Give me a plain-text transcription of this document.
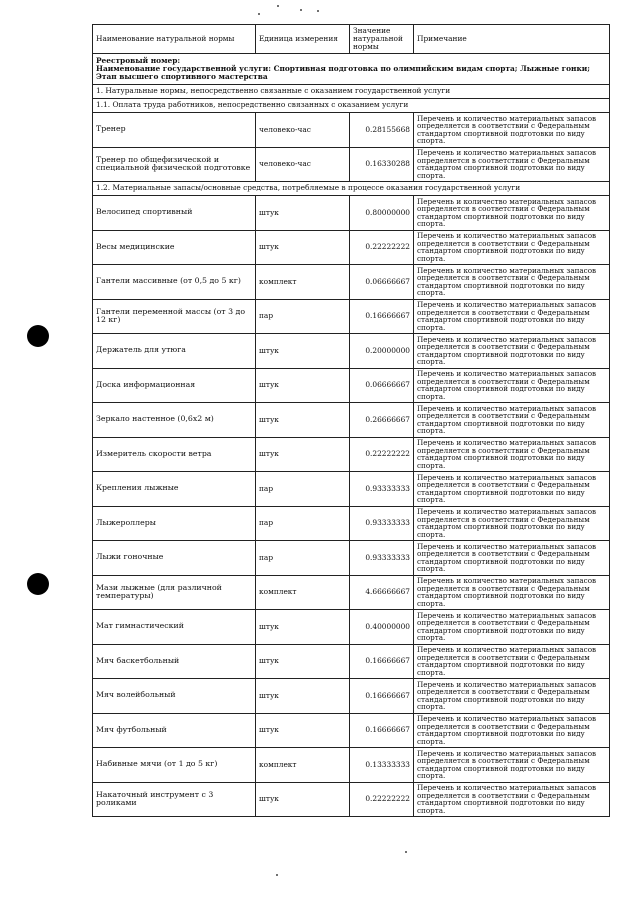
Наименование натуральной нормы	Единица измерения	Значение натуральной нормы	Примечание

Реестровый номер:
Наименование государственной услуги: Спортивная подготовка по олимпийским видам спорта; Лыжные гонки; Этап высшего спортивного мастерства			

1. Натуральные нормы, непосредственно связанные с оказанием государственной услуги			
1.1. Оплата труда работников, непосредственно связанных с оказанием услуги			
Тренер	человеко-час	0.28155668	Перечень и количество материальных запасов определяется в соответствии с Федеральным стандартом спортивной подготовки по виду спорта.
Тренер по общефизической и специальной физической подготовке	человеко-час	0.16330288	Перечень и количество материальных запасов определяется в соответствии с Федеральным стандартом спортивной подготовки по виду спорта.
1.2. Материальные запасы/основные средства, потребляемые в процессе оказания государственной услуги			
Велосипед спортивный	штук	0.80000000	Перечень и количество материальных запасов определяется в соответствии с Федеральным стандартом спортивной подготовки по виду спорта.
Весы медицинские	штук	0.22222222	Перечень и количество материальных запасов определяется в соответствии с Федеральным стандартом спортивной подготовки по виду спорта.
Гантели массивные (от 0,5 до 5 кг)	комплект	0.06666667	Перечень и количество материальных запасов определяется в соответствии с Федеральным стандартом спортивной подготовки по виду спорта.
Гантели переменной массы (от 3 до 12 кг)	пар	0.16666667	Перечень и количество материальных запасов определяется в соответствии с Федеральным стандартом спортивной подготовки по виду спорта.
Держатель для утюга	штук	0.20000000	Перечень и количество материальных запасов определяется в соответствии с Федеральным стандартом спортивной подготовки по виду спорта.
Доска информационная	штук	0.06666667	Перечень и количество материальных запасов определяется в соответствии с Федеральным стандартом спортивной подготовки по виду спорта.
Зеркало настенное (0,6х2 м)	штук	0.26666667	Перечень и количество материальных запасов определяется в соответствии с Федеральным стандартом спортивной подготовки по виду спорта.
Измеритель скорости ветра	штук	0.22222222	Перечень и количество материальных запасов определяется в соответствии с Федеральным стандартом спортивной подготовки по виду спорта.
Крепления лыжные	пар	0.93333333	Перечень и количество материальных запасов определяется в соответствии с Федеральным стандартом спортивной подготовки по виду спорта.
Лыжероллеры	пар	0.93333333	Перечень и количество материальных запасов определяется в соответствии с Федеральным стандартом спортивной подготовки по виду спорта.
Лыжи гоночные	пар	0.93333333	Перечень и количество материальных запасов определяется в соответствии с Федеральным стандартом спортивной подготовки по виду спорта.
Мази лыжные (для различной температуры)	комплект	4.66666667	Перечень и количество материальных запасов определяется в соответствии с Федеральным стандартом спортивной подготовки по виду спорта.
Мат гимнастический	штук	0.40000000	Перечень и количество материальных запасов определяется в соответствии с Федеральным стандартом спортивной подготовки по виду спорта.
Мяч баскетбольный	штук	0.16666667	Перечень и количество материальных запасов определяется в соответствии с Федеральным стандартом спортивной подготовки по виду спорта.
Мяч волейбольный	штук	0.16666667	Перечень и количество материальных запасов определяется в соответствии с Федеральным стандартом спортивной подготовки по виду спорта.
Мяч футбольный	штук	0.16666667	Перечень и количество материальных запасов определяется в соответствии с Федеральным стандартом спортивной подготовки по виду спорта.
Набивные мячи (от 1 до 5 кг)	комплект	0.13333333	Перечень и количество материальных запасов определяется в соответствии с Федеральным стандартом спортивной подготовки по виду спорта.
Накаточный инструмент с 3 роликами	штук	0.22222222	Перечень и количество материальных запасов определяется в соответствии с Федеральным стандартом спортивной подготовки по виду спорта.
